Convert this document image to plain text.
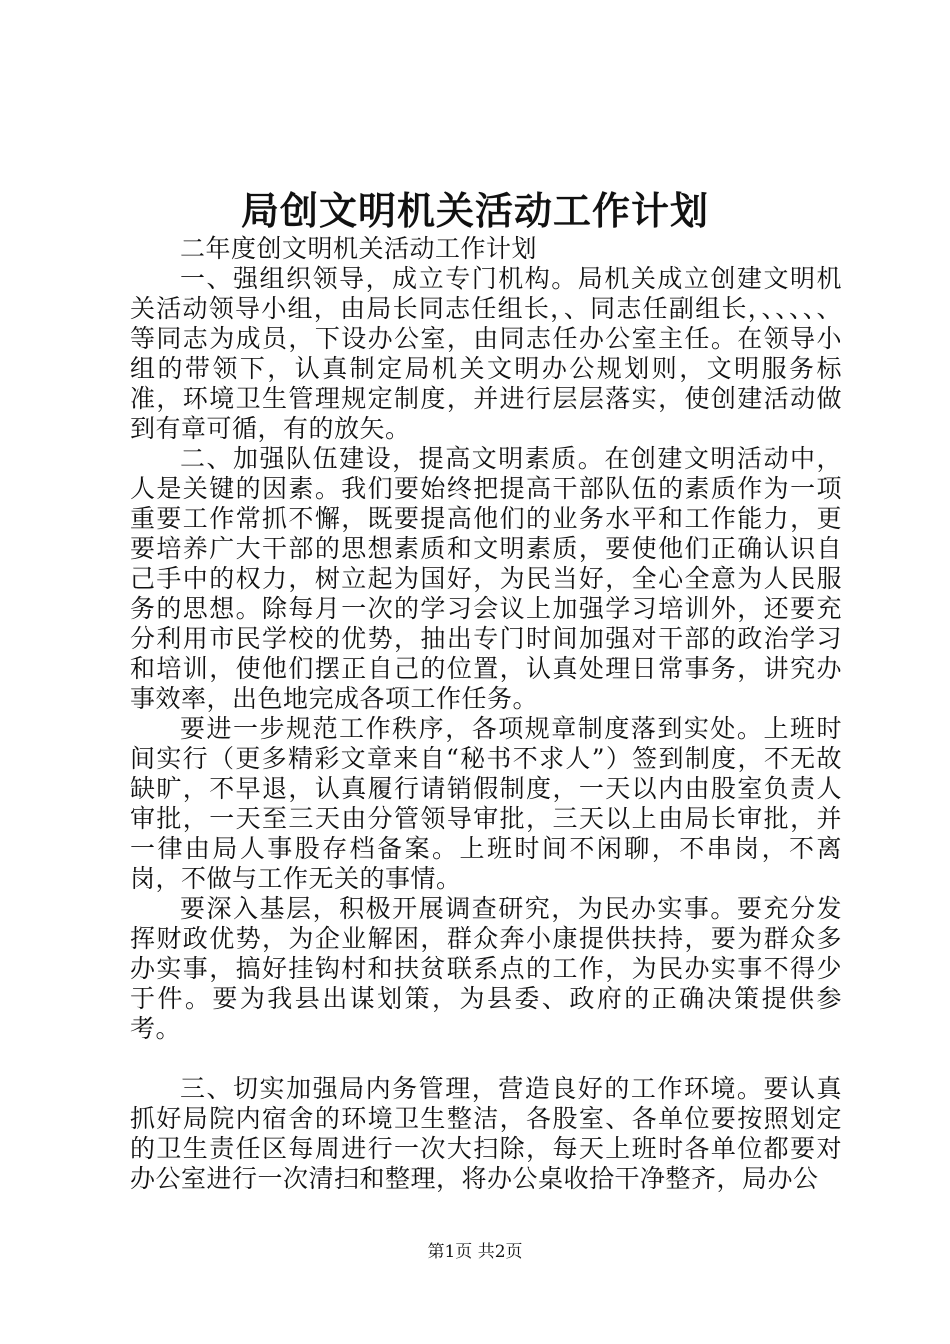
局创文明机关活动工作计划

二年度创文明机关活动工作计划

一、强组织领导，成立专门机构。局机关成立创建文明机关活动领导小组，由局长同志任组长，、同志任副组长，、、、、、等同志为成员，下设办公室，由同志任办公室主任。在领导小组的带领下，认真制定局机关文明办公规划则，文明服务标准，环境卫生管理规定制度，并进行层层落实，使创建活动做到有章可循，有的放矢。

二、加强队伍建设，提高文明素质。在创建文明活动中，人是关键的因素。我们要始终把提高干部队伍的素质作为一项重要工作常抓不懈，既要提高他们的业务水平和工作能力，更要培养广大干部的思想素质和文明素质，要使他们正确认识自己手中的权力，树立起为国好，为民当好，全心全意为人民服务的思想。除每月一次的学习会议上加强学习培训外，还要充分利用市民学校的优势，抽出专门时间加强对干部的政治学习和培训，使他们摆正自己的位置，认真处理日常事务，讲究办事效率，出色地完成各项工作任务。

要进一步规范工作秩序，各项规章制度落到实处。上班时间实行（更多精彩文章来自“秘书不求人”）签到制度，不无故缺旷，不早退，认真履行请销假制度，一天以内由股室负责人审批，一天至三天由分管领导审批，三天以上由局长审批，并一律由局人事股存档备案。上班时间不闲聊，不串岗，不离岗，不做与工作无关的事情。

要深入基层，积极开展调查研究，为民办实事。要充分发挥财政优势，为企业解困，群众奔小康提供扶持，要为群众多办实事，搞好挂钩村和扶贫联系点的工作，为民办实事不得少于件。要为我县出谋划策，为县委、政府的正确决策提供参考。

三、切实加强局内务管理，营造良好的工作环境。要认真抓好局院内宿舍的环境卫生整洁，各股室、各单位要按照划定的卫生责任区每周进行一次大扫除，每天上班时各单位都要对办公室进行一次清扫和整理，将办公桌收拾干净整齐，局办公

第1页 共2页
